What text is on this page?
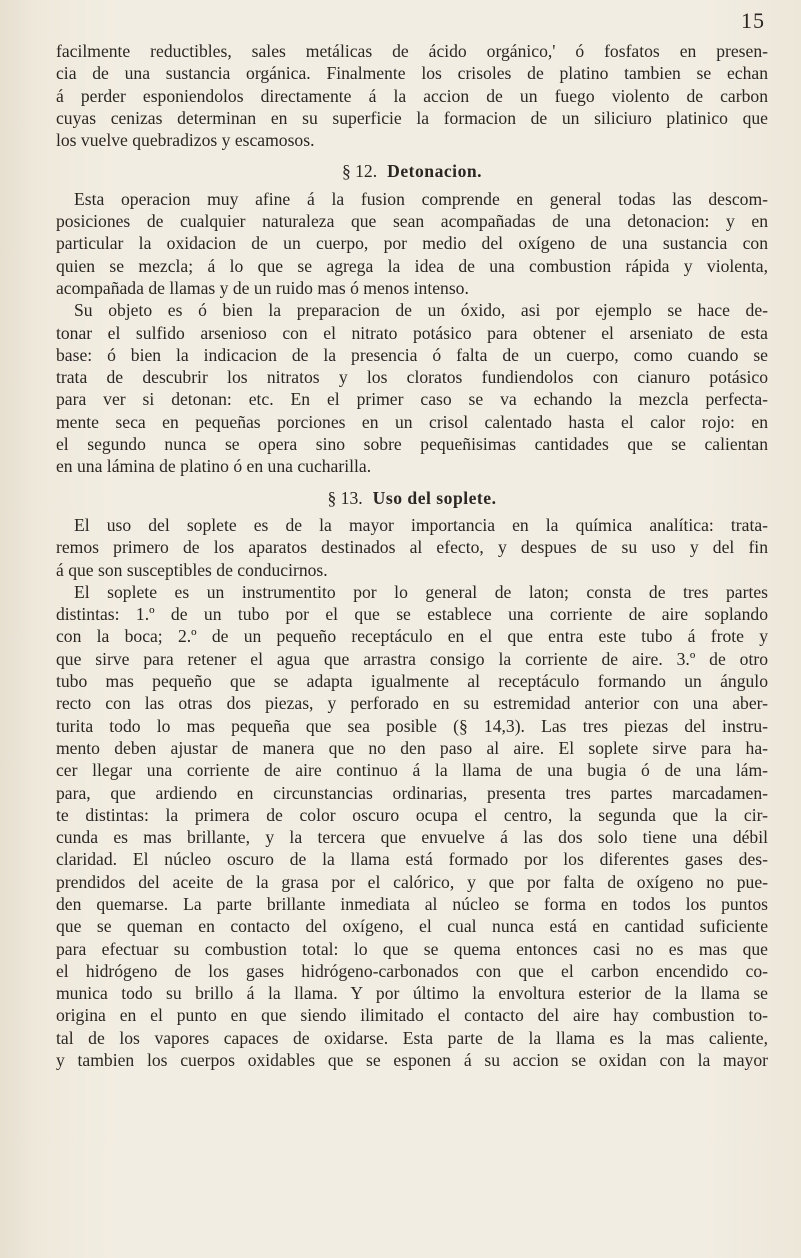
15
facilmente reductibles, sales metálicas de ácido orgánico,' ó fosfatos en presen-
cia de una sustancia orgánica. Finalmente los crisoles de platino tambien se echan
á perder esponiendolos directamente á la accion de un fuego violento de carbon
cuyas cenizas determinan en su superficie la formacion de un siliciuro platinico que
los vuelve quebradizos y escamosos.
§ 12. Detonacion.
Esta operacion muy afine á la fusion comprende en general todas las descom-
posiciones de cualquier naturaleza que sean acompañadas de una detonacion: y en
particular la oxidacion de un cuerpo, por medio del oxígeno de una sustancia con
quien se mezcla; á lo que se agrega la idea de una combustion rápida y violenta,
acompañada de llamas y de un ruido mas ó menos intenso.
Su objeto es ó bien la preparacion de un óxido, asi por ejemplo se hace de-
tonar el sulfido arsenioso con el nitrato potásico para obtener el arseniato de esta
base: ó bien la indicacion de la presencia ó falta de un cuerpo, como cuando se
trata de descubrir los nitratos y los cloratos fundiendolos con cianuro potásico
para ver si detonan: etc. En el primer caso se va echando la mezcla perfecta-
mente seca en pequeñas porciones en un crisol calentado hasta el calor rojo: en
el segundo nunca se opera sino sobre pequeñisimas cantidades que se calientan
en una lámina de platino ó en una cucharilla.
§ 13. Uso del soplete.
El uso del soplete es de la mayor importancia en la química analítica: trata-
remos primero de los aparatos destinados al efecto, y despues de su uso y del fin
á que son susceptibles de conducirnos.
El soplete es un instrumentito por lo general de laton; consta de tres partes
distintas: 1.º de un tubo por el que se establece una corriente de aire soplando
con la boca; 2.º de un pequeño receptáculo en el que entra este tubo á frote y
que sirve para retener el agua que arrastra consigo la corriente de aire. 3.º de otro
tubo mas pequeño que se adapta igualmente al receptáculo formando un ángulo
recto con las otras dos piezas, y perforado en su estremidad anterior con una aber-
turita todo lo mas pequeña que sea posible (§ 14,3). Las tres piezas del instru-
mento deben ajustar de manera que no den paso al aire. El soplete sirve para ha-
cer llegar una corriente de aire continuo á la llama de una bugia ó de una lám-
para, que ardiendo en circunstancias ordinarias, presenta tres partes marcadamen-
te distintas: la primera de color oscuro ocupa el centro, la segunda que la cir-
cunda es mas brillante, y la tercera que envuelve á las dos solo tiene una débil
claridad. El núcleo oscuro de la llama está formado por los diferentes gases des-
prendidos del aceite de la grasa por el calórico, y que por falta de oxígeno no pue-
den quemarse. La parte brillante inmediata al núcleo se forma en todos los puntos
que se queman en contacto del oxígeno, el cual nunca está en cantidad suficiente
para efectuar su combustion total: lo que se quema entonces casi no es mas que
el hidrógeno de los gases hidrógeno-carbonados con que el carbon encendido co-
munica todo su brillo á la llama. Y por último la envoltura esterior de la llama se
origina en el punto en que siendo ilimitado el contacto del aire hay combustion to-
tal de los vapores capaces de oxidarse. Esta parte de la llama es la mas caliente,
y tambien los cuerpos oxidables que se esponen á su accion se oxidan con la mayor
